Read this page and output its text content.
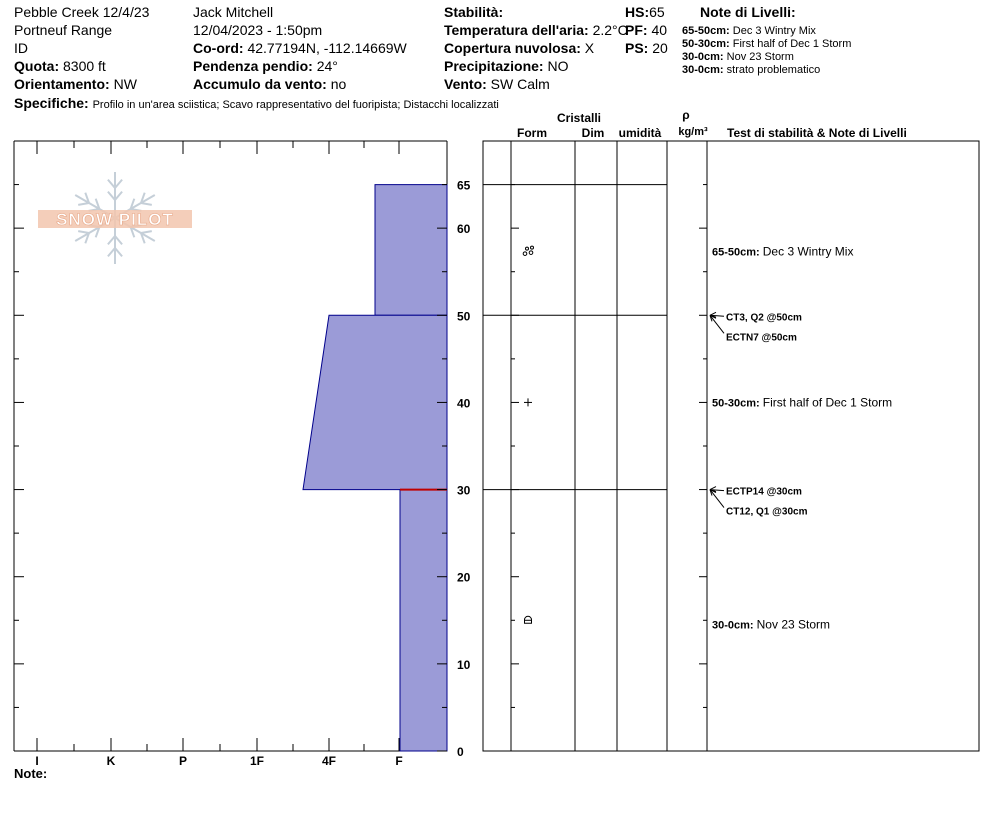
Pebble Creek 12/4/23
Portneuf Range
ID
Quota: 8300 ft
Orientamento: NW
Jack Mitchell
12/04/2023 - 1:50pm
Co-ord: 42.77194N, -112.14669W
Pendenza pendio: 24°
Accumulo da vento: no
Stabilità:
Temperatura dell'aria: 2.2°C
Copertura nuvolosa: X
Precipitazione: NO
Vento: SW Calm
HS:65
PF: 40
PS: 20
Note di Livelli:
65-50cm: Dec 3 Wintry Mix
50-30cm: First half of Dec 1 Storm
30-0cm: Nov 23 Storm
30-0cm: strato problematico
Specifiche: Profilo in un'area sciistica; Scavo rappresentativo del fuoripista; Distacchi localizzati
SNOW PILOT
I	K	P	1F	4F	F
0
10
20
30
40
50
60
65
ECTP14 @30cm
CT12, Q1 @30cm
CT3, Q2 @50cm
ECTN7 @50cm
65-50cm: Dec 3 Wintry Mix
50-30cm: First half of Dec 1 Storm
30-0cm: Nov 23 Storm
Cristalli
Form	Dim umidità
ρ
kg/m³ Test di stabilità & Note di Livelli
Note:
